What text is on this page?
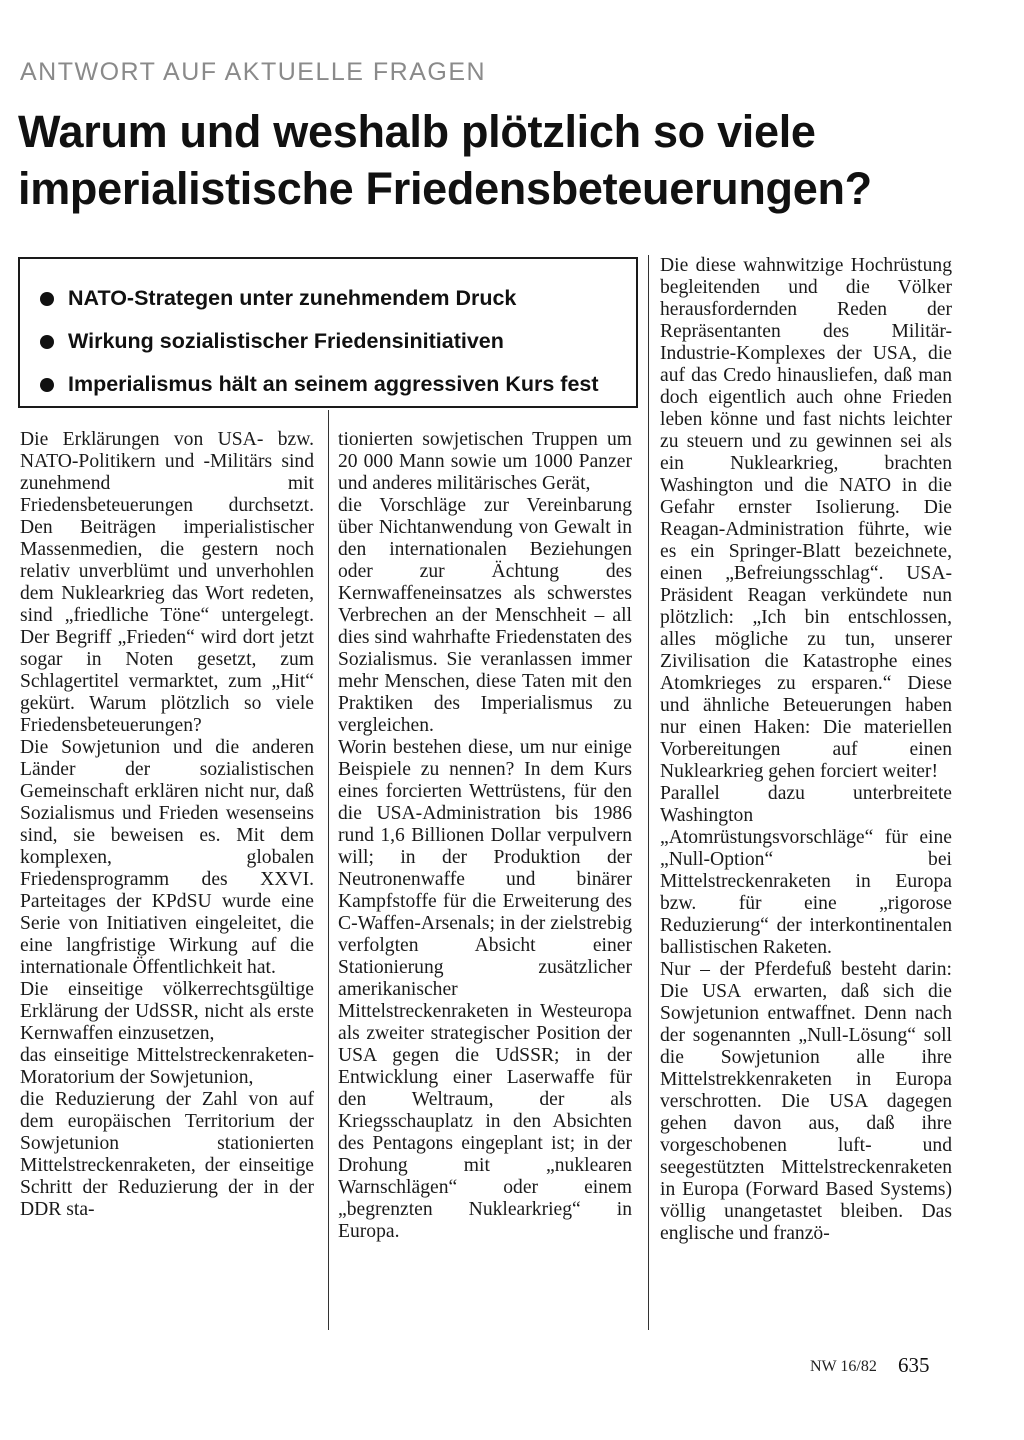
ANTWORT AUF AKTUELLE FRAGEN
Warum und weshalb plötzlich so viele
imperialistische Friedensbeteuerungen?
NATO-Strategen unter zunehmendem Druck
Wirkung sozialistischer Friedensinitiativen
Imperialismus hält an seinem aggressiven Kurs fest

Die Erklärungen von USA- bzw. NATO-Politikern und -Militärs sind zunehmend mit Friedensbeteuerungen durchsetzt. Den Beiträgen imperialistischer Massenmedien, die gestern noch relativ unverblümt und unverhohlen dem Nuklearkrieg das Wort redeten, sind „friedliche Töne“ untergelegt. Der Begriff „Frieden“ wird dort jetzt sogar in Noten gesetzt, zum Schlagertitel vermarktet, zum „Hit“ gekürt. Warum plötzlich so viele Friedensbeteuerungen?

Die Sowjetunion und die anderen Länder der sozialistischen Gemeinschaft erklären nicht nur, daß Sozialismus und Frieden wesenseins sind, sie beweisen es. Mit dem komplexen, globalen Friedensprogramm des XXVI. Parteitages der KPdSU wurde eine Serie von Initiativen eingeleitet, die eine langfristige Wirkung auf die internationale Öffentlichkeit hat.

Die einseitige völkerrechtsgültige Erklärung der UdSSR, nicht als erste Kernwaffen einzusetzen,

das einseitige Mittelstreckenraketen-Moratorium der Sowjetunion,

die Reduzierung der Zahl von auf dem europäischen Territorium der Sowjetunion stationierten Mittelstreckenraketen, der einseitige Schritt der Reduzierung der in der DDR sta-

tionierten sowjetischen Truppen um 20 000 Mann sowie um 1000 Panzer und anderes militärisches Gerät,

die Vorschläge zur Vereinbarung über Nichtanwendung von Gewalt in den internationalen Beziehungen oder zur Ächtung des Kernwaffeneinsatzes als schwerstes Verbrechen an der Menschheit – all dies sind wahrhafte Friedenstaten des Sozialismus. Sie veranlassen immer mehr Menschen, diese Taten mit den Praktiken des Imperialismus zu vergleichen.

Worin bestehen diese, um nur einige Beispiele zu nennen? In dem Kurs eines forcierten Wettrüstens, für den die USA-Administration bis 1986 rund 1,6 Billionen Dollar verpulvern will; in der Produktion der Neutronenwaffe und binärer Kampfstoffe für die Erweiterung des C-Waffen-Arsenals; in der zielstrebig verfolgten Absicht einer Stationierung zusätzlicher amerikanischer Mittelstreckenraketen in Westeuropa als zweiter strategischer Position der USA gegen die UdSSR; in der Entwicklung einer Laserwaffe für den Weltraum, der als Kriegsschauplatz in den Absichten des Pentagons eingeplant ist; in der Drohung mit „nuklearen Warnschlägen“ oder einem „begrenzten Nuklearkrieg“ in Europa.

Die diese wahnwitzige Hochrüstung begleitenden und die Völker herausfordernden Reden der Repräsentanten des Militär-Industrie-Komplexes der USA, die auf das Credo hinausliefen, daß man doch eigentlich auch ohne Frieden leben könne und fast nichts leichter zu steuern und zu gewinnen sei als ein Nuklearkrieg, brachten Washington und die NATO in die Gefahr ernster Isolierung. Die Reagan-Administration führte, wie es ein Springer-Blatt bezeichnete, einen „Befreiungsschlag“. USA-Präsident Reagan verkündete nun plötzlich: „Ich bin entschlossen, alles mögliche zu tun, unserer Zivilisation die Katastrophe eines Atomkrieges zu ersparen.“ Diese und ähnliche Beteuerungen haben nur einen Haken: Die materiellen Vorbereitungen auf einen Nuklearkrieg gehen forciert weiter!

Parallel dazu unterbreitete Washington „Atomrüstungsvorschläge“ für eine „Null-Option“ bei Mittelstreckenraketen in Europa bzw. für eine „rigorose Reduzierung“ der interkontinentalen ballistischen Raketen.

Nur – der Pferdefuß besteht darin: Die USA erwarten, daß sich die Sowjetunion entwaffnet. Denn nach der sogenannten „Null-Lösung“ soll die Sowjetunion alle ihre Mittelstrekkenraketen in Europa verschrotten. Die USA dagegen gehen davon aus, daß ihre vorgeschobenen luft- und seegestützten Mittelstreckenraketen in Europa (Forward Based Systems) völlig unangetastet bleiben. Das englische und franzö-

NW 16/82 635
